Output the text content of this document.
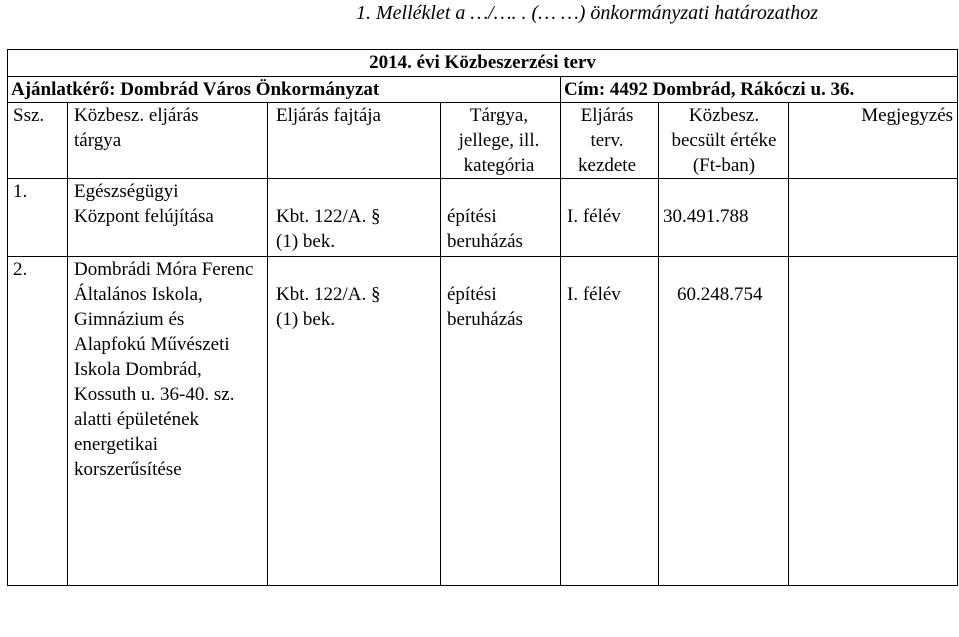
1. Melléklet a …/…. . (… …) önkormányzati határozathoz
2014. évi Közbeszerzési terv						
Ajánlatkérő: Dombrád Város Önkormányzat				Cím: 4492 Dombrád, Rákóczi u. 36.		
Ssz.	Közbesz. eljárás tárgya	Eljárás fajtája	Tárgya, jellege, ill. kategória	Eljárás terv. kezdete	Közbesz. becsült értéke (Ft-ban)	Megjegyzés
1.	Egészségügyi Központ felújítása	Kbt. 122/A. § (1) bek.	építési beruházás	I. félév	30.491.788	

2.	Dombrádi Móra Ferenc Általános Iskola, Gimnázium és Alapfokú Művészeti Iskola Dombrád, Kossuth u. 36-40. sz. alatti épületének energetikai korszerűsítése	Kbt. 122/A. § (1) bek.	építési beruházás	I. félév	60.248.754	
